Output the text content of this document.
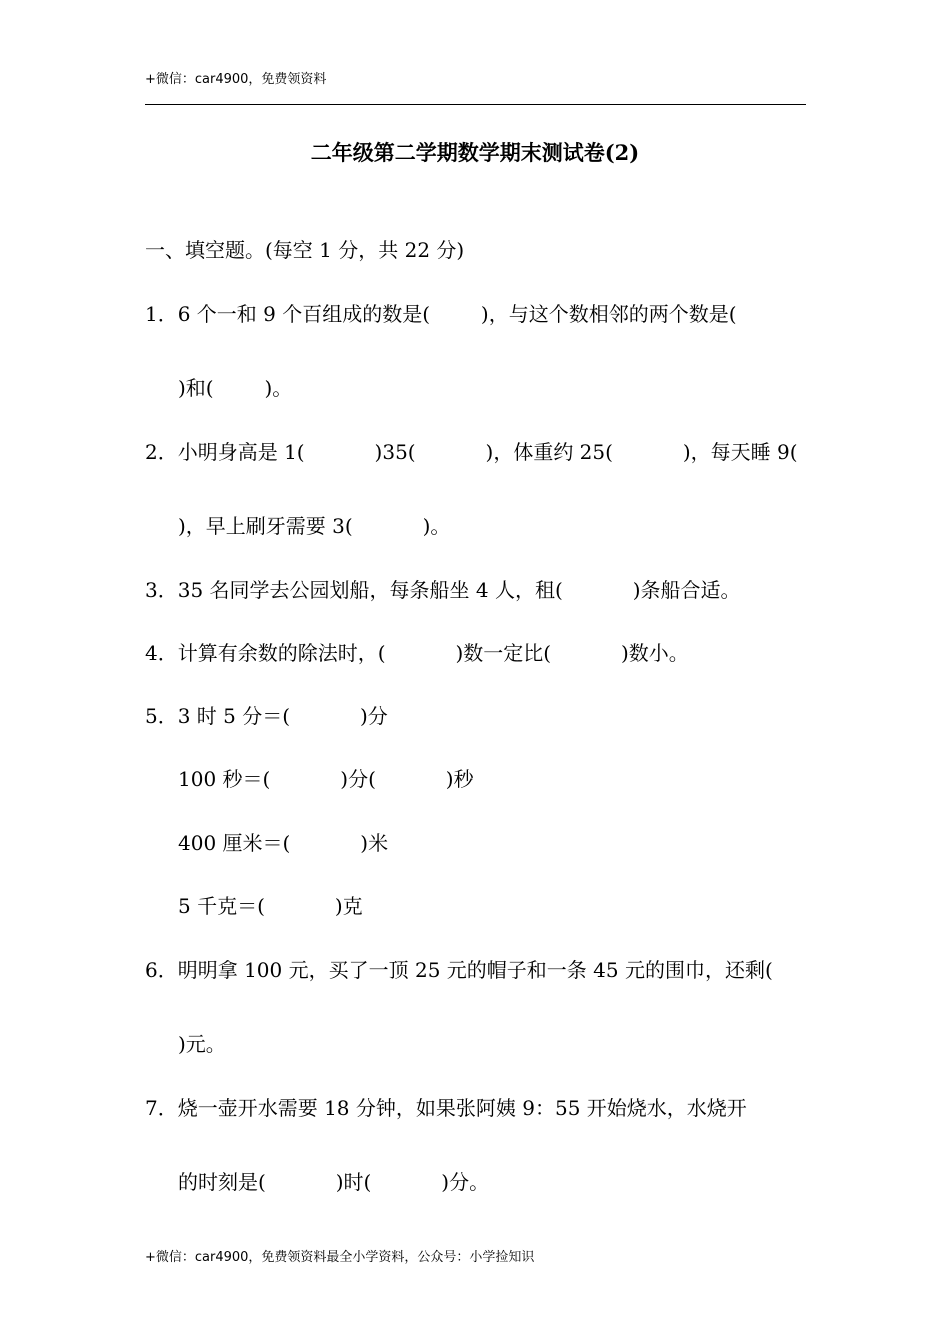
+微信：car4900，免费领资料
二年级第二学期数学期末测试卷(2)
一、填空题。(每空 1 分，共 22 分)
1．6 个一和 9 个百组成的数是(        )，与这个数相邻的两个数是(
)和(        )。
2．小明身高是 1(           )35(           )，体重约 25(           )，每天睡 9(
)，早上刷牙需要 3(           )。
3．35 名同学去公园划船，每条船坐 4 人，租(           )条船合适。
4．计算有余数的除法时，(           )数一定比(           )数小。
5．3 时 5 分＝(           )分
100 秒＝(           )分(           )秒
400 厘米＝(           )米
5 千克＝(           )克
6．明明拿 100 元，买了一顶 25 元的帽子和一条 45 元的围巾，还剩(
)元。
7．烧一壶开水需要 18 分钟，如果张阿姨 9：55 开始烧水，水烧开
的时刻是(           )时(           )分。
+微信：car4900，免费领资料最全小学资料，公众号：小学捡知识
